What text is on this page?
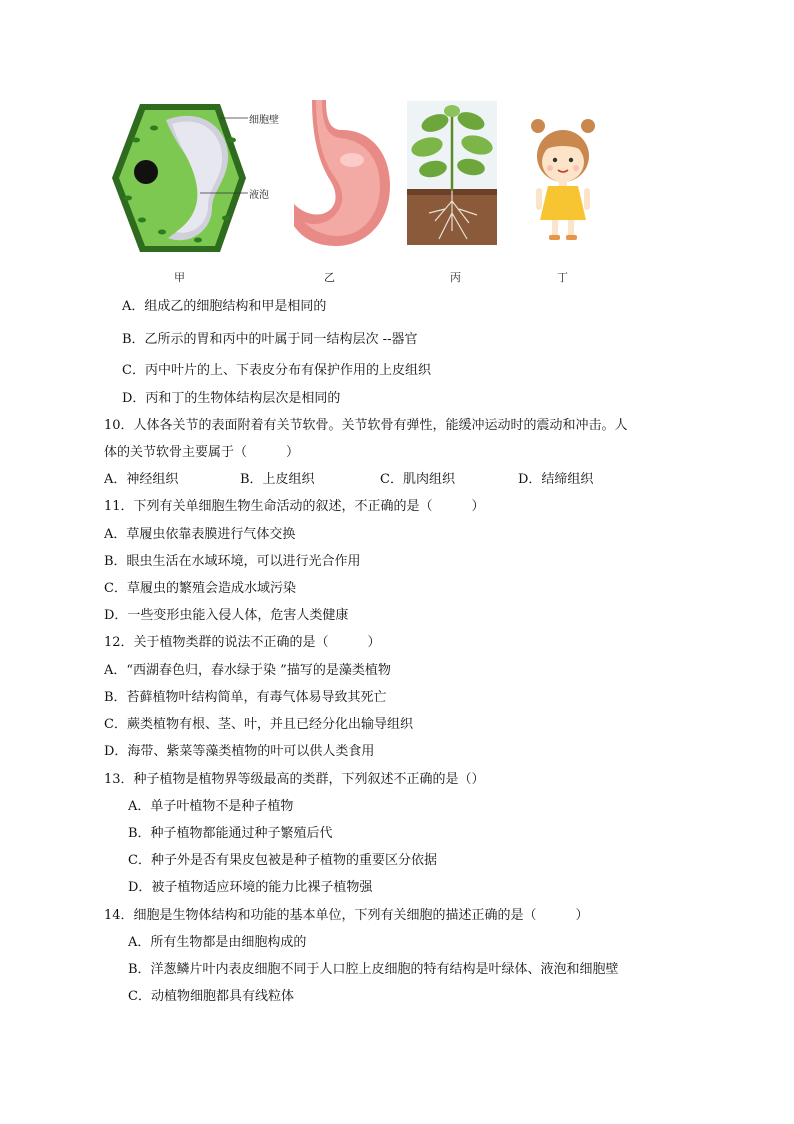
细胞壁
液泡
甲	乙	丙	丁
A．组成乙的细胞结构和甲是相同的
B．乙所示的胃和丙中的叶属于同一结构层次 --器官
C．丙中叶片的上、下表皮分布有保护作用的上皮组织
D．丙和丁的生物体结构层次是相同的
10．人体各关节的表面附着有关节软骨。关节软骨有弹性，能缓冲运动时的震动和冲击。人
体的关节软骨主要属于（　　　）
A．神经组织	B．上皮组织	C．肌肉组织	D．结缔组织
11．下列有关单细胞生物生命活动的叙述，不正确的是（　　　）
A．草履虫依靠表膜进行气体交换
B．眼虫生活在水域环境，可以进行光合作用
C．草履虫的繁殖会造成水域污染
D．一些变形虫能入侵人体，危害人类健康
12．关于植物类群的说法不正确的是（　　　）
A．“西湖春色归，春水绿于染 ”描写的是藻类植物
B．苔藓植物叶结构简单，有毒气体易导致其死亡
C．蕨类植物有根、茎、叶，并且已经分化出输导组织
D．海带、紫菜等藻类植物的叶可以供人类食用
13．种子植物是植物界等级最高的类群，下列叙述不正确的是（）
A．单子叶植物不是种子植物
B．种子植物都能通过种子繁殖后代
C．种子外是否有果皮包被是种子植物的重要区分依据
D．被子植物适应环境的能力比裸子植物强
14．细胞是生物体结构和功能的基本单位，下列有关细胞的描述正确的是（　　　）
A．所有生物都是由细胞构成的
B．洋葱鳞片叶内表皮细胞不同于人口腔上皮细胞的特有结构是叶绿体、液泡和细胞壁
C．动植物细胞都具有线粒体
